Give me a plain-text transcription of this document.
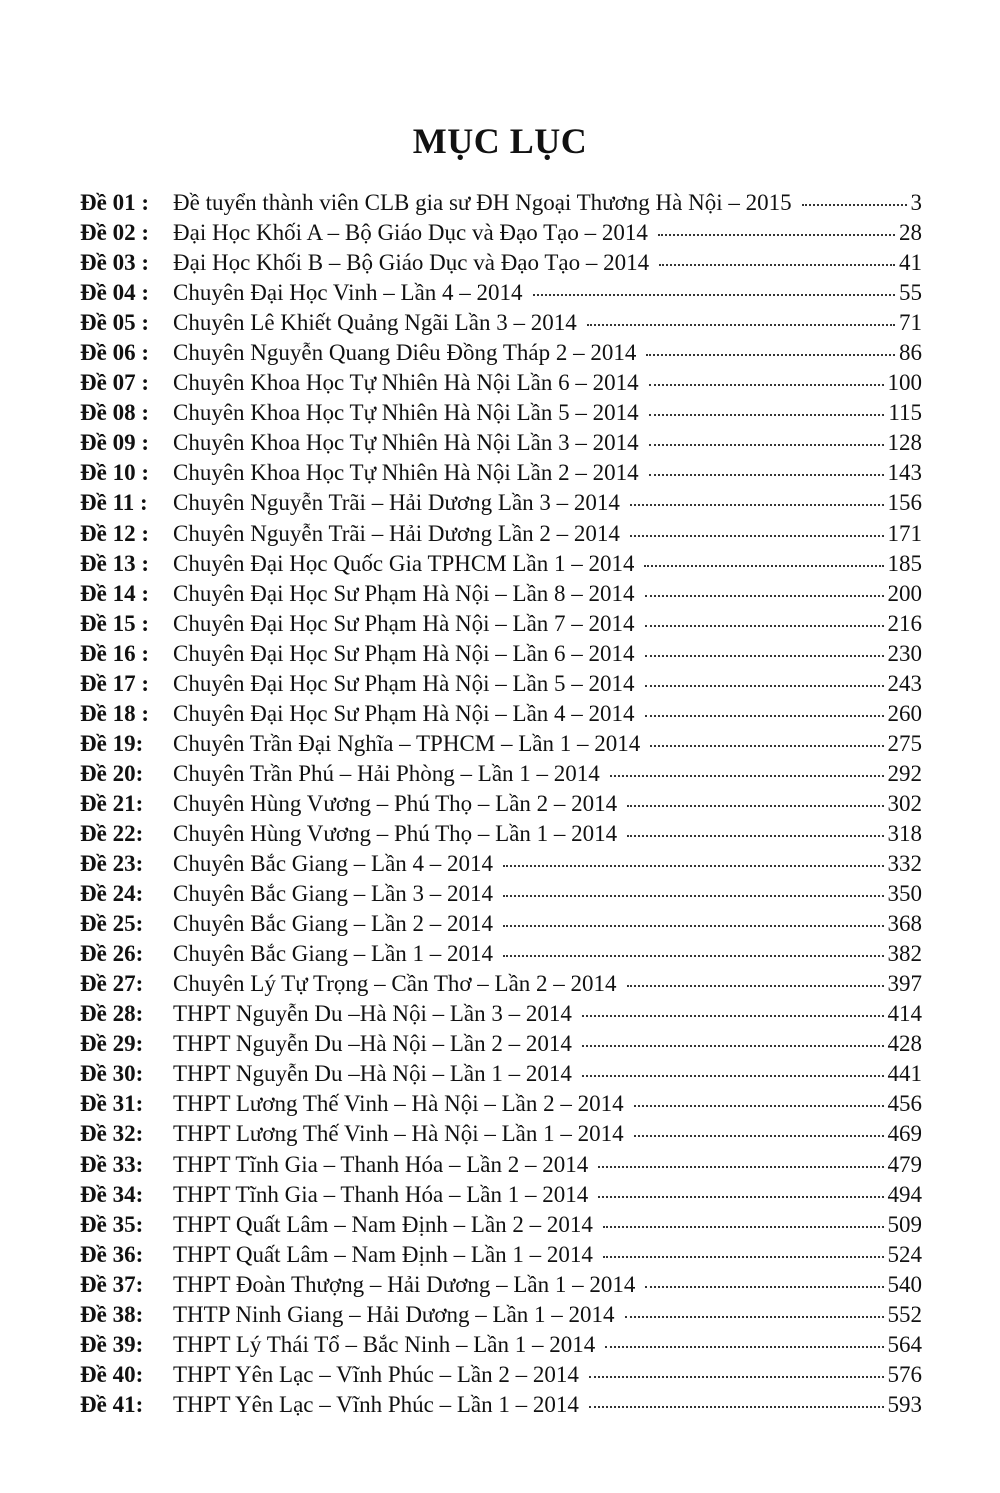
MỤC LỤC
Đề 01 :	Đề tuyển thành viên CLB gia sư ĐH Ngoại Thương Hà Nội – 2015	3
Đề 02 :	Đại Học Khối A – Bộ Giáo Dục và Đạo Tạo – 2014	28
Đề 03 :	Đại Học Khối B – Bộ Giáo Dục và Đạo Tạo – 2014	41
Đề 04 :	Chuyên Đại Học Vinh – Lần 4 – 2014	55
Đề 05 :	Chuyên Lê Khiết Quảng Ngãi Lần 3 – 2014	71
Đề 06 :	Chuyên Nguyễn Quang Diêu Đồng Tháp 2 – 2014	86
Đề 07 :	Chuyên Khoa Học Tự Nhiên Hà Nội Lần 6 – 2014	100
Đề 08 :	Chuyên Khoa Học Tự Nhiên Hà Nội Lần 5 – 2014	115
Đề 09 :	Chuyên Khoa Học Tự Nhiên Hà Nội Lần 3 – 2014	128
Đề 10 :	Chuyên Khoa Học Tự Nhiên Hà Nội Lần 2 – 2014	143
Đề 11 :	Chuyên Nguyễn Trãi – Hải Dương Lần 3 – 2014	156
Đề 12 :	Chuyên Nguyễn Trãi – Hải Dương Lần 2 – 2014	171
Đề 13 :	Chuyên Đại Học Quốc Gia TPHCM Lần 1 – 2014	185
Đề 14 :	Chuyên Đại Học Sư Phạm Hà Nội – Lần 8 – 2014	200
Đề 15 :	Chuyên Đại Học Sư Phạm Hà Nội – Lần 7 – 2014	216
Đề 16 :	Chuyên Đại Học Sư Phạm Hà Nội – Lần 6 – 2014	230
Đề 17 :	Chuyên Đại Học Sư Phạm Hà Nội – Lần 5 – 2014	243
Đề 18 :	Chuyên Đại Học Sư Phạm Hà Nội – Lần 4 – 2014	260
Đề 19:	Chuyên Trần Đại Nghĩa – TPHCM – Lần 1 – 2014	275
Đề 20:	Chuyên Trần Phú – Hải Phòng – Lần 1 – 2014	292
Đề 21:	Chuyên Hùng Vương – Phú Thọ – Lần 2 – 2014	302
Đề 22:	Chuyên Hùng Vương – Phú Thọ – Lần 1 – 2014	318
Đề 23:	Chuyên Bắc Giang – Lần 4 – 2014	332
Đề 24:	Chuyên Bắc Giang – Lần 3 – 2014	350
Đề 25:	Chuyên Bắc Giang – Lần 2 – 2014	368
Đề 26:	Chuyên Bắc Giang – Lần 1 – 2014	382
Đề 27:	Chuyên Lý Tự Trọng – Cần Thơ – Lần 2 – 2014	397
Đề 28:	THPT Nguyễn Du –Hà Nội – Lần 3 – 2014	414
Đề 29:	THPT Nguyễn Du –Hà Nội – Lần 2 – 2014	428
Đề 30:	THPT Nguyễn Du –Hà Nội – Lần 1 – 2014	441
Đề 31:	THPT Lương Thế Vinh – Hà Nội – Lần 2 – 2014	456
Đề 32:	THPT Lương Thế Vinh – Hà Nội – Lần 1 – 2014	469
Đề 33:	THPT Tĩnh Gia – Thanh Hóa – Lần 2 – 2014	479
Đề 34:	THPT Tĩnh Gia – Thanh Hóa – Lần 1 – 2014	494
Đề 35:	THPT Quất Lâm – Nam Định – Lần 2 – 2014	509
Đề 36:	THPT Quất Lâm – Nam Định – Lần 1 – 2014	524
Đề 37:	THPT Đoàn Thượng – Hải Dương – Lần 1 – 2014	540
Đề 38:	THTP Ninh Giang – Hải Dương – Lần 1 – 2014	552
Đề 39:	THPT Lý Thái Tổ – Bắc Ninh – Lần 1 – 2014	564
Đề 40:	THPT Yên Lạc – Vĩnh Phúc – Lần 2 – 2014	576
Đề 41:	THPT Yên Lạc – Vĩnh Phúc – Lần 1 – 2014	593
